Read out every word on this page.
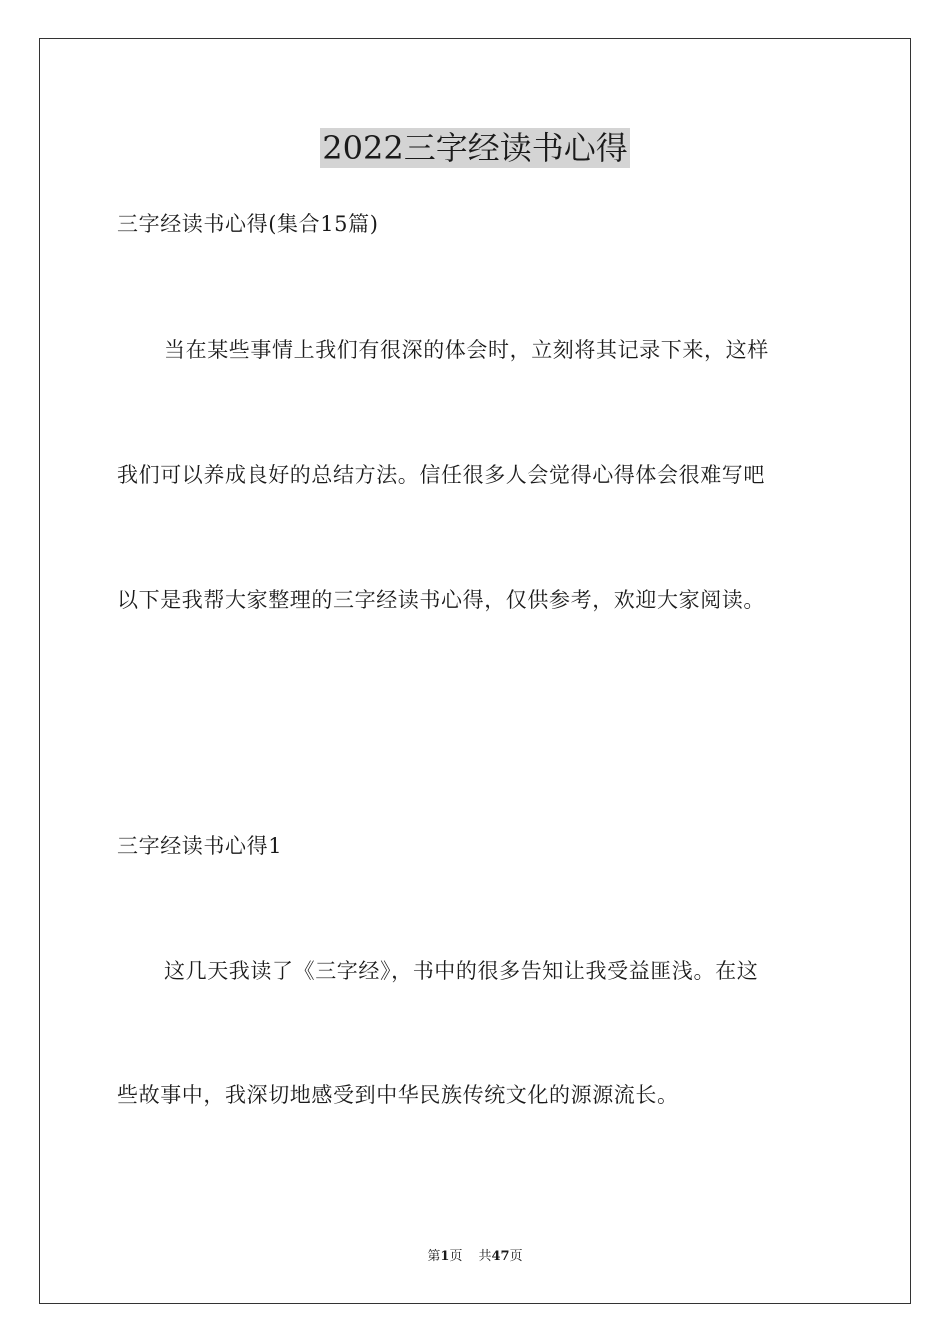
2022三字经读书心得
三字经读书心得(集合15篇)
当在某些事情上我们有很深的体会时，立刻将其记录下来，这样
我们可以养成良好的总结方法。信任很多人会觉得心得体会很难写吧
以下是我帮大家整理的三字经读书心得，仅供参考，欢迎大家阅读。
三字经读书心得1
这几天我读了《三字经》，书中的很多告知让我受益匪浅。在这
些故事中，我深切地感受到中华民族传统文化的源源流长。
第1页 共47页
